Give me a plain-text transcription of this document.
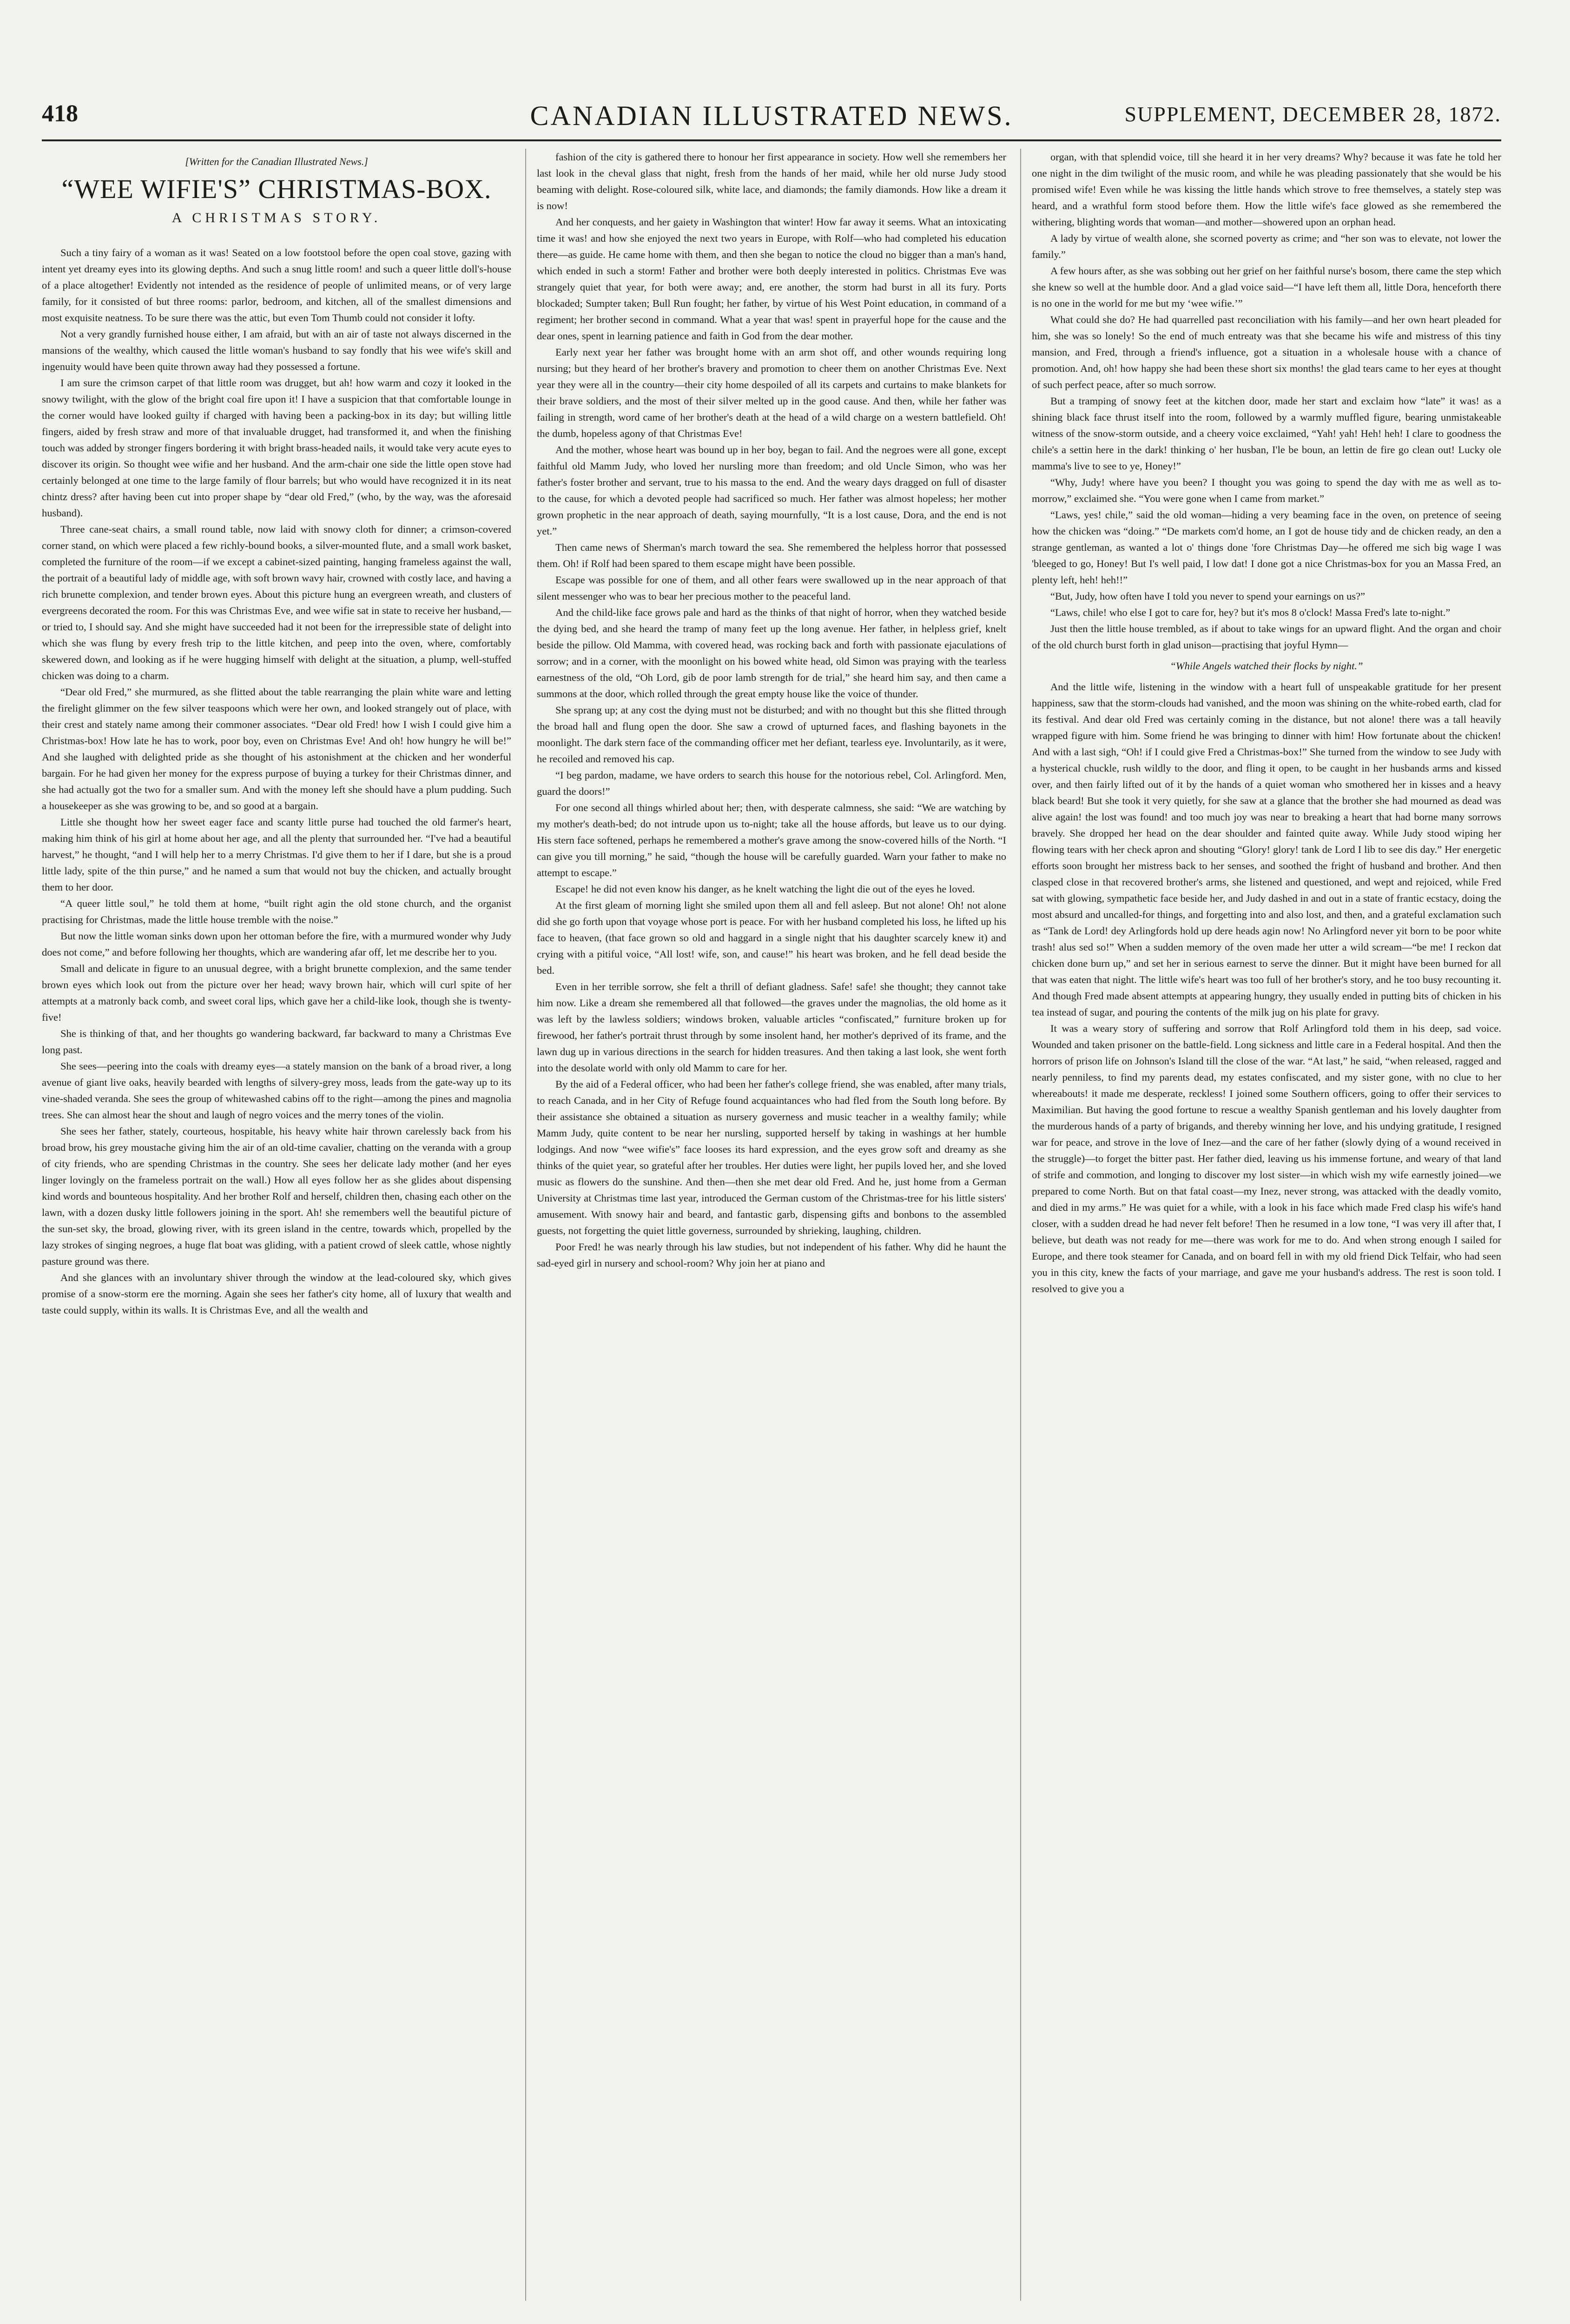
418	CANADIAN ILLUSTRATED NEWS.	SUPPLEMENT, DECEMBER 28, 1872.
[Written for the Canadian Illustrated News.]
“WEE WIFIE'S” CHRISTMAS-BOX.
A CHRISTMAS STORY.

Such a tiny fairy of a woman as it was! Seated on a low footstool before the open coal stove, gazing with intent yet dreamy eyes into its glowing depths. And such a snug little room! and such a queer little doll's-house of a place altogether! Evidently not intended as the residence of people of unlimited means, or of very large family, for it consisted of but three rooms: parlor, bedroom, and kitchen, all of the smallest dimensions and most exquisite neatness. To be sure there was the attic, but even Tom Thumb could not consider it lofty.

Not a very grandly furnished house either, I am afraid, but with an air of taste not always discerned in the mansions of the wealthy, which caused the little woman's husband to say fondly that his wee wife's skill and ingenuity would have been quite thrown away had they possessed a fortune.

I am sure the crimson carpet of that little room was drugget, but ah! how warm and cozy it looked in the snowy twilight, with the glow of the bright coal fire upon it! I have a suspicion that that comfortable lounge in the corner would have looked guilty if charged with having been a packing-box in its day; but willing little fingers, aided by fresh straw and more of that invaluable drugget, had transformed it, and when the finishing touch was added by stronger fingers bordering it with bright brass-headed nails, it would take very acute eyes to discover its origin. So thought wee wifie and her husband. And the arm-chair one side the little open stove had certainly belonged at one time to the large family of flour barrels; but who would have recognized it in its neat chintz dress? after having been cut into proper shape by “dear old Fred,” (who, by the way, was the aforesaid husband).

Three cane-seat chairs, a small round table, now laid with snowy cloth for dinner; a crimson-covered corner stand, on which were placed a few richly-bound books, a silver-mounted flute, and a small work basket, completed the furniture of the room—if we except a cabinet-sized painting, hanging frameless against the wall, the portrait of a beautiful lady of middle age, with soft brown wavy hair, crowned with costly lace, and having a rich brunette complexion, and tender brown eyes. About this picture hung an evergreen wreath, and clusters of evergreens decorated the room. For this was Christmas Eve, and wee wifie sat in state to receive her husband,—or tried to, I should say. And she might have succeeded had it not been for the irrepressible state of delight into which she was flung by every fresh trip to the little kitchen, and peep into the oven, where, comfortably skewered down, and looking as if he were hugging himself with delight at the situation, a plump, well-stuffed chicken was doing to a charm.

“Dear old Fred,” she murmured, as she flitted about the table rearranging the plain white ware and letting the firelight glimmer on the few silver teaspoons which were her own, and looked strangely out of place, with their crest and stately name among their commoner associates. “Dear old Fred! how I wish I could give him a Christmas-box! How late he has to work, poor boy, even on Christmas Eve! And oh! how hungry he will be!” And she laughed with delighted pride as she thought of his astonishment at the chicken and her wonderful bargain. For he had given her money for the express purpose of buying a turkey for their Christmas dinner, and she had actually got the two for a smaller sum. And with the money left she should have a plum pudding. Such a housekeeper as she was growing to be, and so good at a bargain.

Little she thought how her sweet eager face and scanty little purse had touched the old farmer's heart, making him think of his girl at home about her age, and all the plenty that surrounded her. “I've had a beautiful harvest,” he thought, “and I will help her to a merry Christmas. I'd give them to her if I dare, but she is a proud little lady, spite of the thin purse,” and he named a sum that would not buy the chicken, and actually brought them to her door.

“A queer little soul,” he told them at home, “built right agin the old stone church, and the organist practising for Christmas, made the little house tremble with the noise.”

But now the little woman sinks down upon her ottoman before the fire, with a murmured wonder why Judy does not come,” and before following her thoughts, which are wandering afar off, let me describe her to you.

Small and delicate in figure to an unusual degree, with a bright brunette complexion, and the same tender brown eyes which look out from the picture over her head; wavy brown hair, which will curl spite of her attempts at a matronly back comb, and sweet coral lips, which gave her a child-like look, though she is twenty-five!

She is thinking of that, and her thoughts go wandering backward, far backward to many a Christmas Eve long past.

She sees—peering into the coals with dreamy eyes—a stately mansion on the bank of a broad river, a long avenue of giant live oaks, heavily bearded with lengths of silvery-grey moss, leads from the gate-way up to its vine-shaded veranda. She sees the group of whitewashed cabins off to the right—among the pines and magnolia trees. She can almost hear the shout and laugh of negro voices and the merry tones of the violin.

She sees her father, stately, courteous, hospitable, his heavy white hair thrown carelessly back from his broad brow, his grey moustache giving him the air of an old-time cavalier, chatting on the veranda with a group of city friends, who are spending Christmas in the country. She sees her delicate lady mother (and her eyes linger lovingly on the frameless portrait on the wall.) How all eyes follow her as she glides about dispensing kind words and bounteous hospitality. And her brother Rolf and herself, children then, chasing each other on the lawn, with a dozen dusky little followers joining in the sport. Ah! she remembers well the beautiful picture of the sun-set sky, the broad, glowing river, with its green island in the centre, towards which, propelled by the lazy strokes of singing negroes, a huge flat boat was gliding, with a patient crowd of sleek cattle, whose nightly pasture ground was there.

And she glances with an involuntary shiver through the window at the lead-coloured sky, which gives promise of a snow-storm ere the morning. Again she sees her father's city home, all of luxury that wealth and taste could supply, within its walls. It is Christmas Eve, and all the wealth and

fashion of the city is gathered there to honour her first appearance in society. How well she remembers her last look in the cheval glass that night, fresh from the hands of her maid, while her old nurse Judy stood beaming with delight. Rose-coloured silk, white lace, and diamonds; the family diamonds. How like a dream it is now!

And her conquests, and her gaiety in Washington that winter! How far away it seems. What an intoxicating time it was! and how she enjoyed the next two years in Europe, with Rolf—who had completed his education there—as guide. He came home with them, and then she began to notice the cloud no bigger than a man's hand, which ended in such a storm! Father and brother were both deeply interested in politics. Christmas Eve was strangely quiet that year, for both were away; and, ere another, the storm had burst in all its fury. Ports blockaded; Sumpter taken; Bull Run fought; her father, by virtue of his West Point education, in command of a regiment; her brother second in command. What a year that was! spent in prayerful hope for the cause and the dear ones, spent in learning patience and faith in God from the dear mother.

Early next year her father was brought home with an arm shot off, and other wounds requiring long nursing; but they heard of her brother's bravery and promotion to cheer them on another Christmas Eve. Next year they were all in the country—their city home despoiled of all its carpets and curtains to make blankets for their brave soldiers, and the most of their silver melted up in the good cause. And then, while her father was failing in strength, word came of her brother's death at the head of a wild charge on a western battlefield. Oh! the dumb, hopeless agony of that Christmas Eve!

And the mother, whose heart was bound up in her boy, began to fail. And the negroes were all gone, except faithful old Mamm Judy, who loved her nursling more than freedom; and old Uncle Simon, who was her father's foster brother and servant, true to his massa to the end. And the weary days dragged on full of disaster to the cause, for which a devoted people had sacrificed so much. Her father was almost hopeless; her mother grown prophetic in the near approach of death, saying mournfully, “It is a lost cause, Dora, and the end is not yet.”

Then came news of Sherman's march toward the sea. She remembered the helpless horror that possessed them. Oh! if Rolf had been spared to them escape might have been possible.

Escape was possible for one of them, and all other fears were swallowed up in the near approach of that silent messenger who was to bear her precious mother to the peaceful land.

And the child-like face grows pale and hard as the thinks of that night of horror, when they watched beside the dying bed, and she heard the tramp of many feet up the long avenue. Her father, in helpless grief, knelt beside the pillow. Old Mamma, with covered head, was rocking back and forth with passionate ejaculations of sorrow; and in a corner, with the moonlight on his bowed white head, old Simon was praying with the tearless earnestness of the old, “Oh Lord, gib de poor lamb strength for de trial,” she heard him say, and then came a summons at the door, which rolled through the great empty house like the voice of thunder.

She sprang up; at any cost the dying must not be disturbed; and with no thought but this she flitted through the broad hall and flung open the door. She saw a crowd of upturned faces, and flashing bayonets in the moonlight. The dark stern face of the commanding officer met her defiant, tearless eye. Involuntarily, as it were, he recoiled and removed his cap.

“I beg pardon, madame, we have orders to search this house for the notorious rebel, Col. Arlingford. Men, guard the doors!”

For one second all things whirled about her; then, with desperate calmness, she said: “We are watching by my mother's death-bed; do not intrude upon us to-night; take all the house affords, but leave us to our dying. His stern face softened, perhaps he remembered a mother's grave among the snow-covered hills of the North. “I can give you till morning,” he said, “though the house will be carefully guarded. Warn your father to make no attempt to escape.”

Escape! he did not even know his danger, as he knelt watching the light die out of the eyes he loved.

At the first gleam of morning light she smiled upon them all and fell asleep. But not alone! Oh! not alone did she go forth upon that voyage whose port is peace. For with her husband completed his loss, he lifted up his face to heaven, (that face grown so old and haggard in a single night that his daughter scarcely knew it) and crying with a pitiful voice, “All lost! wife, son, and cause!” his heart was broken, and he fell dead beside the bed.

Even in her terrible sorrow, she felt a thrill of defiant gladness. Safe! safe! she thought; they cannot take him now. Like a dream she remembered all that followed—the graves under the magnolias, the old home as it was left by the lawless soldiers; windows broken, valuable articles “confiscated,” furniture broken up for firewood, her father's portrait thrust through by some insolent hand, her mother's deprived of its frame, and the lawn dug up in various directions in the search for hidden treasures. And then taking a last look, she went forth into the desolate world with only old Mamm to care for her.

By the aid of a Federal officer, who had been her father's college friend, she was enabled, after many trials, to reach Canada, and in her City of Refuge found acquaintances who had fled from the South long before. By their assistance she obtained a situation as nursery governess and music teacher in a wealthy family; while Mamm Judy, quite content to be near her nursling, supported herself by taking in washings at her humble lodgings. And now “wee wifie's” face looses its hard expression, and the eyes grow soft and dreamy as she thinks of the quiet year, so grateful after her troubles. Her duties were light, her pupils loved her, and she loved music as flowers do the sunshine. And then—then she met dear old Fred. And he, just home from a German University at Christmas time last year, introduced the German custom of the Christmas-tree for his little sisters' amusement. With snowy hair and beard, and fantastic garb, dispensing gifts and bonbons to the assembled guests, not forgetting the quiet little governess, surrounded by shrieking, laughing, children.

Poor Fred! he was nearly through his law studies, but not independent of his father. Why did he haunt the sad-eyed girl in nursery and school-room? Why join her at piano and

organ, with that splendid voice, till she heard it in her very dreams? Why? because it was fate he told her one night in the dim twilight of the music room, and while he was pleading passionately that she would be his promised wife! Even while he was kissing the little hands which strove to free themselves, a stately step was heard, and a wrathful form stood before them. How the little wife's face glowed as she remembered the withering, blighting words that woman—and mother—showered upon an orphan head.

A lady by virtue of wealth alone, she scorned poverty as crime; and “her son was to elevate, not lower the family.”

A few hours after, as she was sobbing out her grief on her faithful nurse's bosom, there came the step which she knew so well at the humble door. And a glad voice said—“I have left them all, little Dora, henceforth there is no one in the world for me but my ‘wee wifie.’”

What could she do? He had quarrelled past reconciliation with his family—and her own heart pleaded for him, she was so lonely! So the end of much entreaty was that she became his wife and mistress of this tiny mansion, and Fred, through a friend's influence, got a situation in a wholesale house with a chance of promotion. And, oh! how happy she had been these short six months! the glad tears came to her eyes at thought of such perfect peace, after so much sorrow.

But a tramping of snowy feet at the kitchen door, made her start and exclaim how “late” it was! as a shining black face thrust itself into the room, followed by a warmly muffled figure, bearing unmistakeable witness of the snow-storm outside, and a cheery voice exclaimed, “Yah! yah! Heh! heh! I clare to goodness the chile's a settin here in the dark! thinking o' her husban, I'le be boun, an lettin de fire go clean out! Lucky ole mamma's live to see to ye, Honey!”

“Why, Judy! where have you been? I thought you was going to spend the day with me as well as to-morrow,” exclaimed she. “You were gone when I came from market.”

“Laws, yes! chile,” said the old woman—hiding a very beaming face in the oven, on pretence of seeing how the chicken was “doing.” “De markets com'd home, an I got de house tidy and de chicken ready, an den a strange gentleman, as wanted a lot o' things done 'fore Christmas Day—he offered me sich big wage I was 'bleeged to go, Honey! But I's well paid, I low dat! I done got a nice Christmas-box for you an Massa Fred, an plenty left, heh! heh!!”

“But, Judy, how often have I told you never to spend your earnings on us?”

“Laws, chile! who else I got to care for, hey? but it's mos 8 o'clock! Massa Fred's late to-night.”

Just then the little house trembled, as if about to take wings for an upward flight. And the organ and choir of the old church burst forth in glad unison—practising that joyful Hymn—

“While Angels watched their flocks by night.”

And the little wife, listening in the window with a heart full of unspeakable gratitude for her present happiness, saw that the storm-clouds had vanished, and the moon was shining on the white-robed earth, clad for its festival. And dear old Fred was certainly coming in the distance, but not alone! there was a tall heavily wrapped figure with him. Some friend he was bringing to dinner with him! How fortunate about the chicken! And with a last sigh, “Oh! if I could give Fred a Christmas-box!” She turned from the window to see Judy with a hysterical chuckle, rush wildly to the door, and fling it open, to be caught in her husbands arms and kissed over, and then fairly lifted out of it by the hands of a quiet woman who smothered her in kisses and a heavy black beard! But she took it very quietly, for she saw at a glance that the brother she had mourned as dead was alive again! the lost was found! and too much joy was near to breaking a heart that had borne many sorrows bravely. She dropped her head on the dear shoulder and fainted quite away. While Judy stood wiping her flowing tears with her check apron and shouting “Glory! glory! tank de Lord I lib to see dis day.” Her energetic efforts soon brought her mistress back to her senses, and soothed the fright of husband and brother. And then clasped close in that recovered brother's arms, she listened and questioned, and wept and rejoiced, while Fred sat with glowing, sympathetic face beside her, and Judy dashed in and out in a state of frantic ecstacy, doing the most absurd and uncalled-for things, and forgetting into and also lost, and then, and a grateful exclamation such as “Tank de Lord! dey Arlingfords hold up dere heads agin now! No Arlingford never yit born to be poor white trash! alus sed so!” When a sudden memory of the oven made her utter a wild scream—“be me! I reckon dat chicken done burn up,” and set her in serious earnest to serve the dinner. But it might have been burned for all that was eaten that night. The little wife's heart was too full of her brother's story, and he too busy recounting it. And though Fred made absent attempts at appearing hungry, they usually ended in putting bits of chicken in his tea instead of sugar, and pouring the contents of the milk jug on his plate for gravy.

It was a weary story of suffering and sorrow that Rolf Arlingford told them in his deep, sad voice. Wounded and taken prisoner on the battle-field. Long sickness and little care in a Federal hospital. And then the horrors of prison life on Johnson's Island till the close of the war. “At last,” he said, “when released, ragged and nearly penniless, to find my parents dead, my estates confiscated, and my sister gone, with no clue to her whereabouts! it made me desperate, reckless! I joined some Southern officers, going to offer their services to Maximilian. But having the good fortune to rescue a wealthy Spanish gentleman and his lovely daughter from the murderous hands of a party of brigands, and thereby winning her love, and his undying gratitude, I resigned war for peace, and strove in the love of Inez—and the care of her father (slowly dying of a wound received in the struggle)—to forget the bitter past. Her father died, leaving us his immense fortune, and weary of that land of strife and commotion, and longing to discover my lost sister—in which wish my wife earnestly joined—we prepared to come North. But on that fatal coast—my Inez, never strong, was attacked with the deadly vomito, and died in my arms.” He was quiet for a while, with a look in his face which made Fred clasp his wife's hand closer, with a sudden dread he had never felt before! Then he resumed in a low tone, “I was very ill after that, I believe, but death was not ready for me—there was work for me to do. And when strong enough I sailed for Europe, and there took steamer for Canada, and on board fell in with my old friend Dick Telfair, who had seen you in this city, knew the facts of your marriage, and gave me your husband's address. The rest is soon told. I resolved to give you a
